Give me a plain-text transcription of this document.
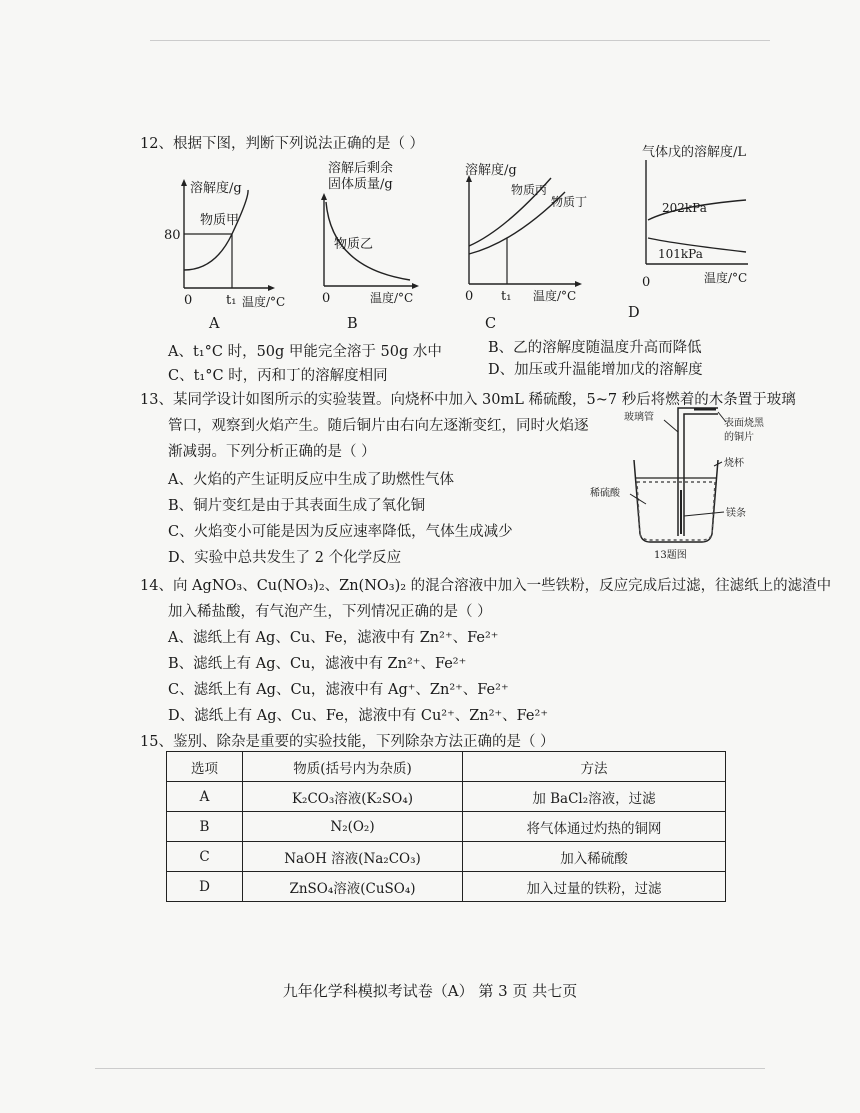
12、根据下图，判断下列说法正确的是（ ）
溶解度/g
物质甲
80
0	t₁ 温度/°C
A
溶解后剩余
固体质量/g
物质乙
0	温度/°C
B
溶解度/g
物质丙
物质丁
0 t₁ 温度/°C
C
气体戊的溶解度/L
202kPa
101kPa
0	温度/°C
D
A、t₁°C 时，50g 甲能完全溶于 50g 水中	B、乙的溶解度随温度升高而降低
C、t₁°C 时，丙和丁的溶解度相同	D、加压或升温能增加戊的溶解度
13、某同学设计如图所示的实验装置。向烧杯中加入 30mL 稀硫酸，5~7 秒后将燃着的木条置于玻璃
管口，观察到火焰产生。随后铜片由右向左逐渐变红，同时火焰逐
渐减弱。下列分析正确的是（ ）
A、火焰的产生证明反应中生成了助燃性气体
B、铜片变红是由于其表面生成了氧化铜
C、火焰变小可能是因为反应速率降低，气体生成减少
D、实验中总共发生了 2 个化学反应
玻璃管
表面烧黑
的铜片
烧杯
稀硫酸
镁条
13题图
14、向 AgNO₃、Cu(NO₃)₂、Zn(NO₃)₂ 的混合溶液中加入一些铁粉，反应完成后过滤，往滤纸上的滤渣中
加入稀盐酸，有气泡产生，下列情况正确的是（ ）
A、滤纸上有 Ag、Cu、Fe，滤液中有 Zn²⁺、Fe²⁺
B、滤纸上有 Ag、Cu，滤液中有 Zn²⁺、Fe²⁺
C、滤纸上有 Ag、Cu，滤液中有 Ag⁺、Zn²⁺、Fe²⁺
D、滤纸上有 Ag、Cu、Fe，滤液中有 Cu²⁺、Zn²⁺、Fe²⁺
15、鉴别、除杂是重要的实验技能，下列除杂方法正确的是（ ）
选项	物质(括号内为杂质)	方法
A	K₂CO₃溶液(K₂SO₄)	加 BaCl₂溶液，过滤
B	N₂(O₂)	将气体通过灼热的铜网
C	NaOH 溶液(Na₂CO₃)	加入稀硫酸
D	ZnSO₄溶液(CuSO₄)	加入过量的铁粉，过滤
九年化学科模拟考试卷（A） 第 3 页 共七页
